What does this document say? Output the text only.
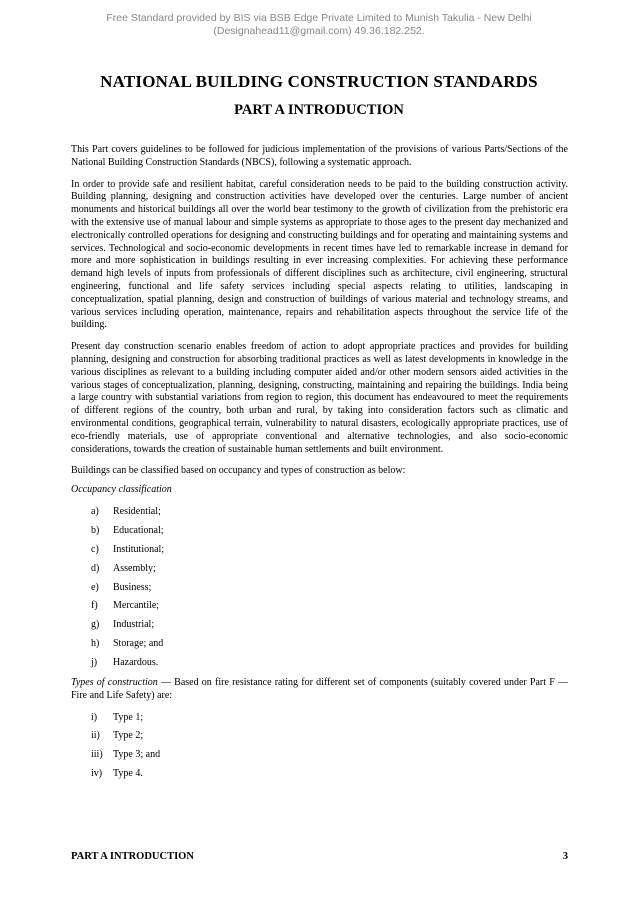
Free Standard provided by BIS via BSB Edge Private Limited to Munish Takulia - New Delhi
(Designahead11@gmail.com) 49.36.182.252.
NATIONAL BUILDING CONSTRUCTION STANDARDS
PART A INTRODUCTION

This Part covers guidelines to be followed for judicious implementation of the provisions of various Parts/Sections of the National Building Construction Standards (NBCS), following a systematic approach.

In order to provide safe and resilient habitat, careful consideration needs to be paid to the building construction activity. Building planning, designing and construction activities have developed over the centuries. Large number of ancient monuments and historical buildings all over the world bear testimony to the growth of civilization from the prehistoric era with the extensive use of manual labour and simple systems as appropriate to those ages to the present day mechanized and electronically controlled operations for designing and constructing buildings and for operating and maintaining systems and services. Technological and socio-economic developments in recent times have led to remarkable increase in demand for more and more sophistication in buildings resulting in ever increasing complexities. For achieving these performance demand high levels of inputs from professionals of different disciplines such as architecture, civil engineering, structural engineering, functional and life safety services including special aspects relating to utilities, landscaping in conceptualization, spatial planning, design and construction of buildings of various material and technology streams, and various services including operation, maintenance, repairs and rehabilitation aspects throughout the service life of the building.

Present day construction scenario enables freedom of action to adopt appropriate practices and provides for building planning, designing and construction for absorbing traditional practices as well as latest developments in knowledge in the various disciplines as relevant to a building including computer aided and/or other modern sensors aided activities in the various stages of conceptualization, planning, designing, constructing, maintaining and repairing the buildings. India being a large country with substantial variations from region to region, this document has endeavoured to meet the requirements of different regions of the country, both urban and rural, by taking into consideration factors such as climatic and environmental conditions, geographical terrain, vulnerability to natural disasters, ecologically appropriate practices, use of eco-friendly materials, use of appropriate conventional and alternative technologies, and also socio-economic considerations, towards the creation of sustainable human settlements and built environment.

Buildings can be classified based on occupancy and types of construction as below:

Occupancy classification

a)	Residential;
b)	Educational;
c)	Institutional;
d)	Assembly;
e)	Business;
f)	Mercantile;
g)	Industrial;
h)	Storage; and
j)	Hazardous.

Types of construction — Based on fire resistance rating for different set of components (suitably covered under Part F — Fire and Life Safety) are:

i)	Type 1;
ii)	Type 2;
iii)	Type 3; and
iv)	Type 4.
PART A INTRODUCTION	3
